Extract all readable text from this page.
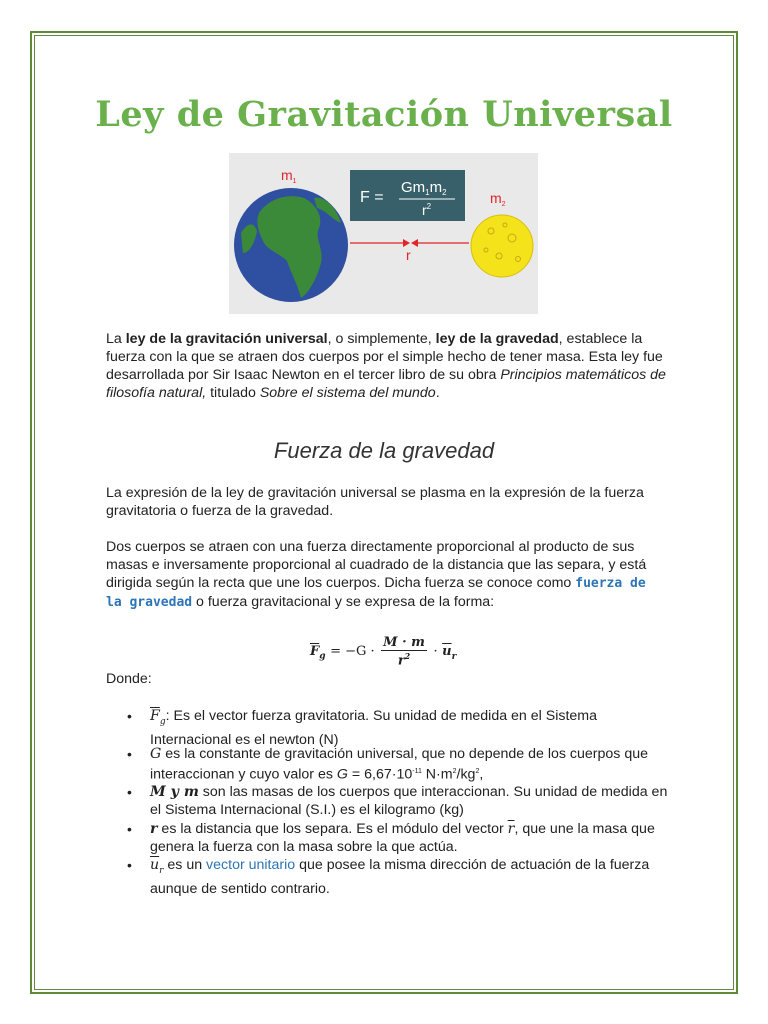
Ley de Gravitación Universal
F =
$Gm_1m_2$
$r^2$
$m_1$
$m_2$
r

La ley de la gravitación universal, o simplemente, ley de la gravedad, establece la fuerza con la que se atraen dos cuerpos por el simple hecho de tener masa. Esta ley fue desarrollada por Sir Isaac Newton en el tercer libro de su obra Principios matemáticos de filosofía natural, titulado Sobre el sistema del mundo.

Fuerza de la gravedad

La expresión de la ley de gravitación universal se plasma en la expresión de la fuerza gravitatoria o fuerza de la gravedad.

Dos cuerpos se atraen con una fuerza directamente proporcional al producto de sus masas e inversamente proporcional al cuadrado de la distancia que las separa, y está dirigida según la recta que une los cuerpos. Dicha fuerza se conoce como fuerza de la gravedad o fuerza gravitacional y se expresa de la forma:

$\overline{F}_g = -G \cdot \frac{M \cdot m}{r^2} \cdot \overline{u}_r$

Donde:

• $\overline{F}_g$: Es el vector fuerza gravitatoria. Su unidad de medida en el Sistema Internacional es el newton (N)

• G es la constante de gravitación universal, que no depende de los cuerpos que interaccionan y cuyo valor es $G = 6,67\cdot 10^{-11}$ $N\cdot m^2/kg^2$,

• M y m son las masas de los cuerpos que interaccionan. Su unidad de medida en el Sistema Internacional (S.I.) es el kilogramo (kg)

• r es la distancia que los separa. Es el módulo del vector $\overline{r}$, que une la masa que genera la fuerza con la masa sobre la que actúa.

• $\overline{u}_r$ es un vector unitario que posee la misma dirección de actuación de la fuerza aunque de sentido contrario.
